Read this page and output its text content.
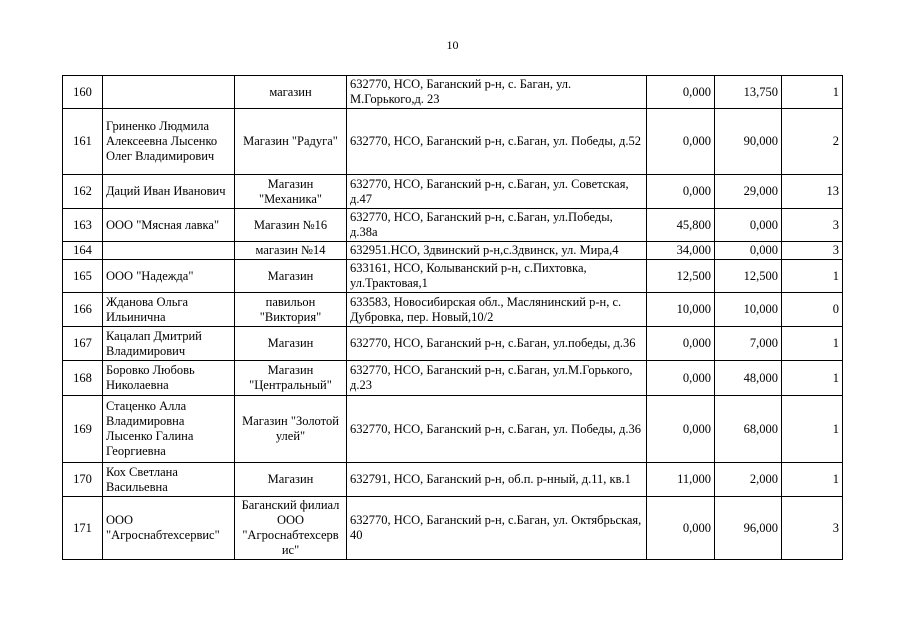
10
160		магазин	632770, НСО, Баганский р-н, с. Баган, ул. М.Горького,д. 23	0,000	13,750	1
161	Гриненко Людмила Алексеевна Лысенко Олег Владимирович	Магазин "Радуга"	632770, НСО, Баганский р-н, с.Баган, ул. Победы, д.52	0,000	90,000	2
162	Даций Иван Иванович	Магазин "Механика"	632770, НСО, Баганский р-н, с.Баган, ул. Советская, д.47	0,000	29,000	13
163	ООО "Мясная лавка"	Магазин №16	632770, НСО, Баганский р-н, с.Баган, ул.Победы, д.38а	45,800	0,000	3
164		магазин №14	632951.НСО, Здвинский р-н,с.Здвинск, ул. Мира,4	34,000	0,000	3
165	ООО "Надежда"	Магазин	633161, НСО, Колыванский р-н, с.Пихтовка, ул.Трактовая,1	12,500	12,500	1
166	Жданова Ольга Ильинична	павильон "Виктория"	633583, Новосибирская обл., Маслянинский р-н, с. Дубровка, пер. Новый,10/2	10,000	10,000	0
167	Кацалап Дмитрий Владимирович	Магазин	632770, НСО, Баганский р-н, с.Баган, ул.победы, д.36	0,000	7,000	1
168	Боровко Любовь Николаевна	Магазин "Центральный"	632770, НСО, Баганский р-н, с.Баган, ул.М.Горького, д.23	0,000	48,000	1
169	Стаценко Алла Владимировна Лысенко Галина Георгиевна	Магазин "Золотой улей"	632770, НСО, Баганский р-н, с.Баган, ул. Победы, д.36	0,000	68,000	1
170	Кох Светлана Васильевна	Магазин	632791, НСО, Баганский р-н, об.п. р-нный, д.11, кв.1	11,000	2,000	1
171	ООО "Агроснабтехсервис"	Баганский филиал ООО "Агроснабтехсерв ис"	632770, НСО, Баганский р-н, с.Баган, ул. Октябрьская, 40	0,000	96,000	3
